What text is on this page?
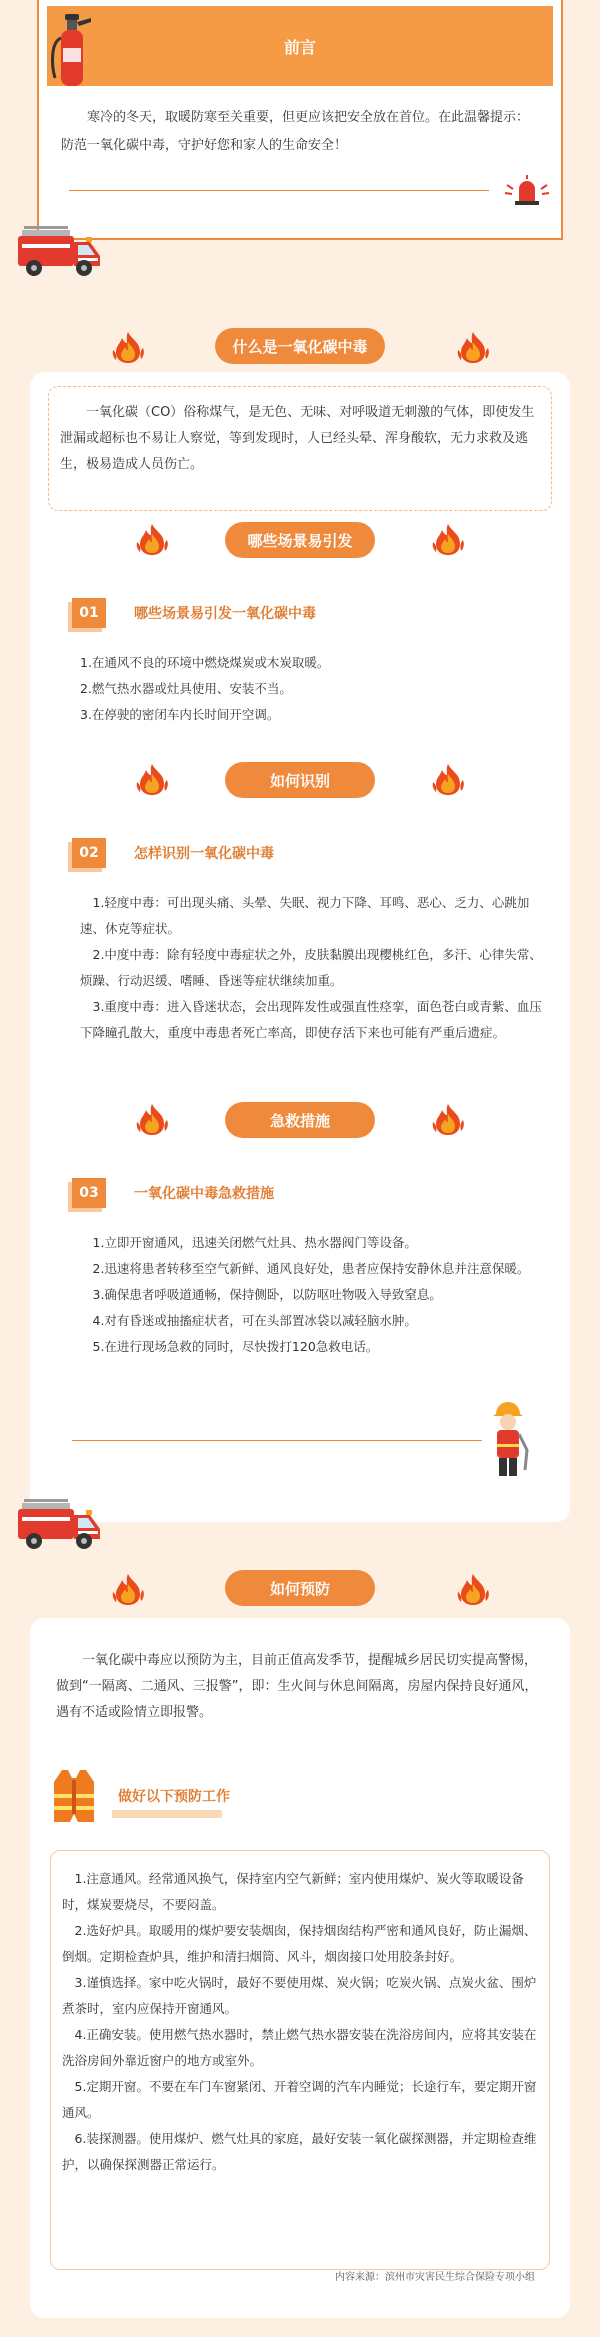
前言

寒冷的冬天，取暖防寒至关重要，但更应该把安全放在首位。在此温馨提示：防范一氧化碳中毒，守护好您和家人的生命安全！

什么是一氧化碳中毒

一氧化碳（CO）俗称煤气，是无色、无味、对呼吸道无刺激的气体，即使发生泄漏或超标也不易让人察觉，等到发现时，人已经头晕、浑身酸软，无力求救及逃生，极易造成人员伤亡。

哪些场景易引发
01	哪些场景易引发一氧化碳中毒

1.在通风不良的环境中燃烧煤炭或木炭取暖。

2.燃气热水器或灶具使用、安装不当。

3.在停驶的密闭车内长时间开空调。

如何识别
02	怎样识别一氧化碳中毒

1.轻度中毒：可出现头痛、头晕、失眠、视力下降、耳鸣、恶心、乏力、心跳加速、休克等症状。

2.中度中毒：除有轻度中毒症状之外，皮肤黏膜出现樱桃红色，多汗、心律失常、烦躁、行动迟缓、嗜睡、昏迷等症状继续加重。

3.重度中毒：进入昏迷状态，会出现阵发性或强直性痉挛，面色苍白或青紫、血压下降瞳孔散大，重度中毒患者死亡率高，即使存活下来也可能有严重后遗症。

急救措施
03	一氧化碳中毒急救措施

1.立即开窗通风，迅速关闭燃气灶具、热水器阀门等设备。

2.迅速将患者转移至空气新鲜、通风良好处，患者应保持安静休息并注意保暖。

3.确保患者呼吸道通畅，保持侧卧，以防呕吐物吸入导致窒息。

4.对有昏迷或抽搐症状者，可在头部置冰袋以减轻脑水肿。

5.在进行现场急救的同时，尽快拨打120急救电话。

如何预防

一氧化碳中毒应以预防为主，目前正值高发季节，提醒城乡居民切实提高警惕，做到“一隔离、二通风、三报警”，即：生火间与休息间隔离，房屋内保持良好通风，遇有不适或险情立即报警。

做好以下预防工作

1.注意通风。经常通风换气，保持室内空气新鲜；室内使用煤炉、炭火等取暖设备时，煤炭要烧尽，不要闷盖。

2.选好炉具。取暖用的煤炉要安装烟囱，保持烟囱结构严密和通风良好，防止漏烟、倒烟。定期检查炉具，维护和清扫烟筒、风斗，烟囱接口处用胶条封好。

3.谨慎选择。家中吃火锅时，最好不要使用煤、炭火锅；吃炭火锅、点炭火盆、围炉煮茶时，室内应保持开窗通风。

4.正确安装。使用燃气热水器时，禁止燃气热水器安装在洗浴房间内，应将其安装在洗浴房间外靠近窗户的地方或室外。

5.定期开窗。不要在车门车窗紧闭、开着空调的汽车内睡觉；长途行车，要定期开窗通风。

6.装探测器。使用煤炉、燃气灶具的家庭，最好安装一氧化碳探测器，并定期检查维护，以确保探测器正常运行。

内容来源：滨州市灾害民生综合保险专项小组
